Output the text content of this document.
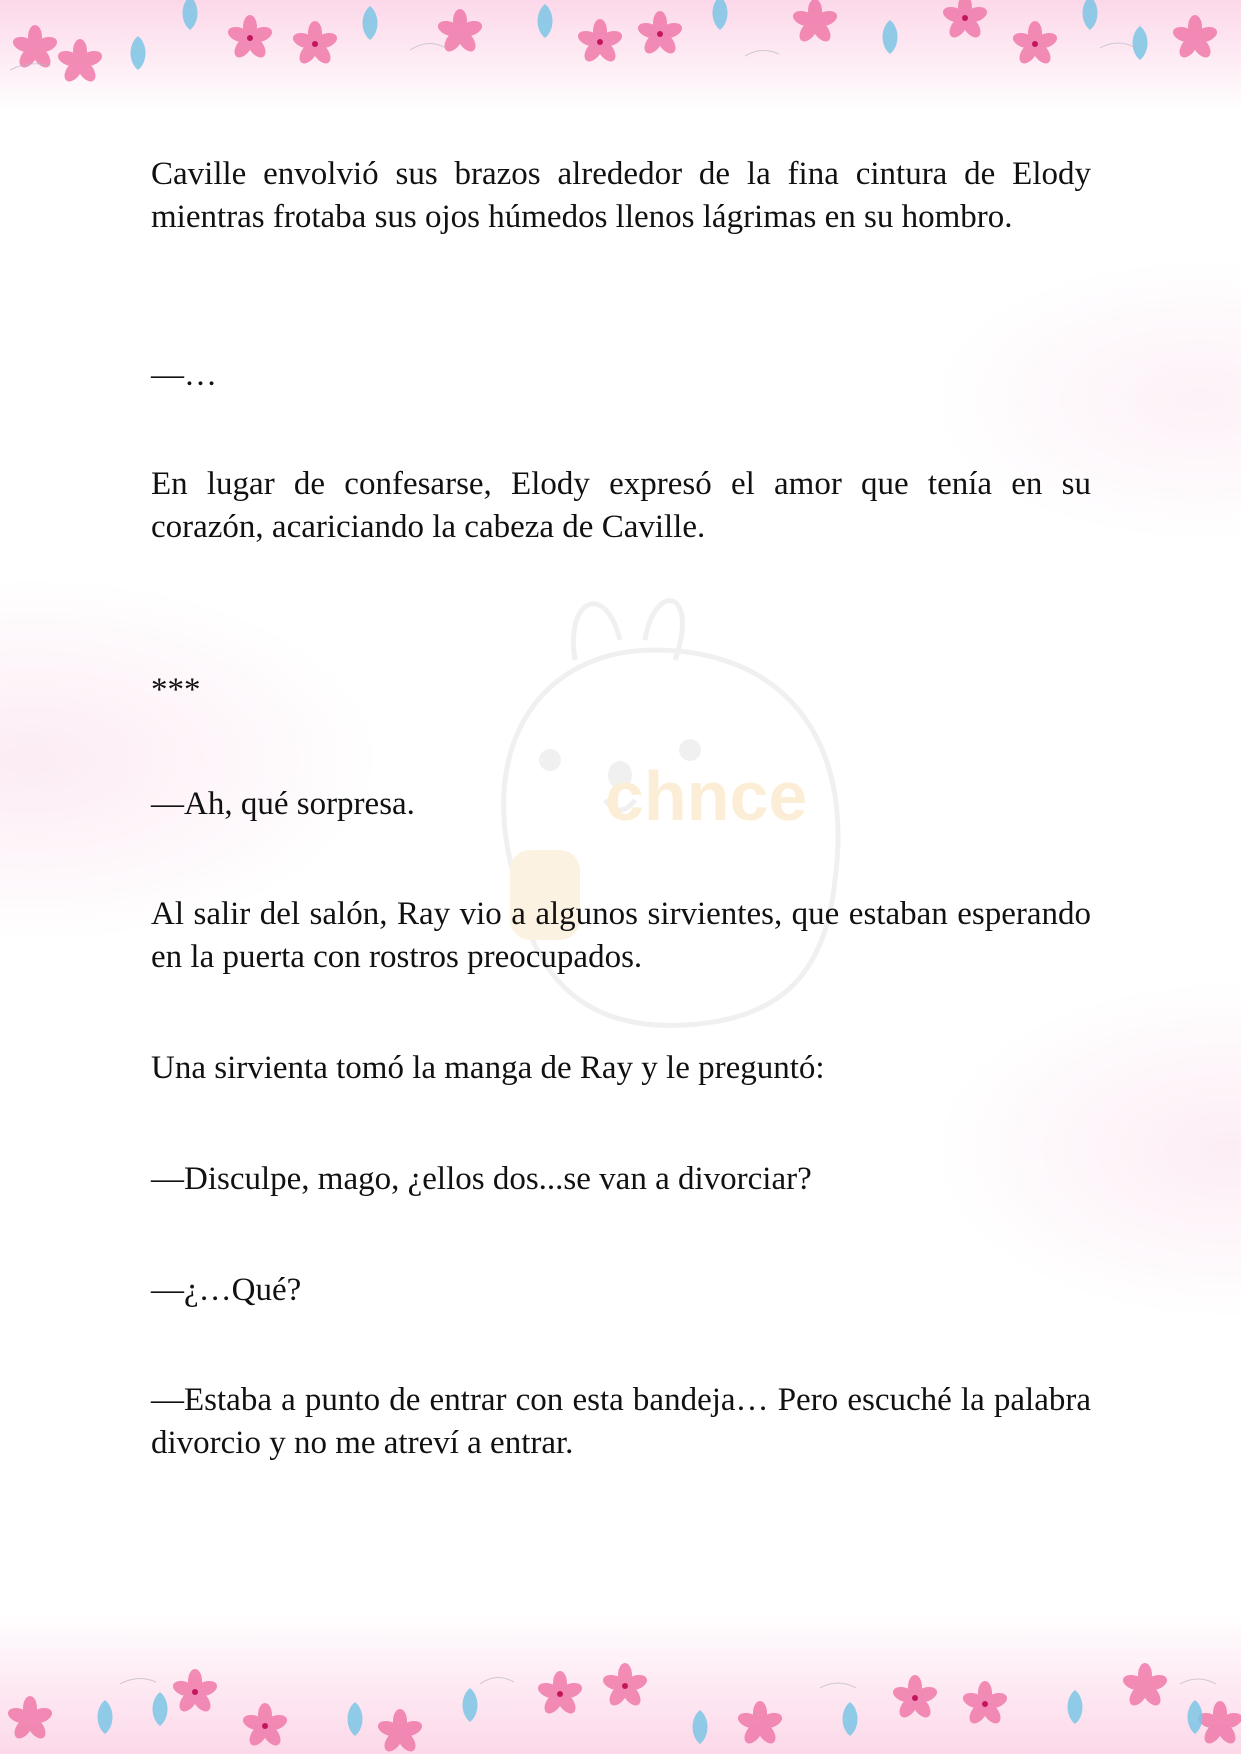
chnce

Caville envolvió sus brazos alrededor de la fina cintura de Elody mientras frotaba sus ojos húmedos llenos lágrimas en su hombro.

—…

En lugar de confesarse, Elody expresó el amor que tenía en su corazón, acariciando la cabeza de Caville.

***

—Ah, qué sorpresa.

Al salir del salón, Ray vio a algunos sirvientes, que estaban esperando en la puerta con rostros preocupados.

Una sirvienta tomó la manga de Ray y le preguntó:

—Disculpe, mago, ¿ellos dos...se van a divorciar?

—¿…Qué?

—Estaba a punto de entrar con esta bandeja… Pero escuché la palabra divorcio y no me atreví a entrar.
